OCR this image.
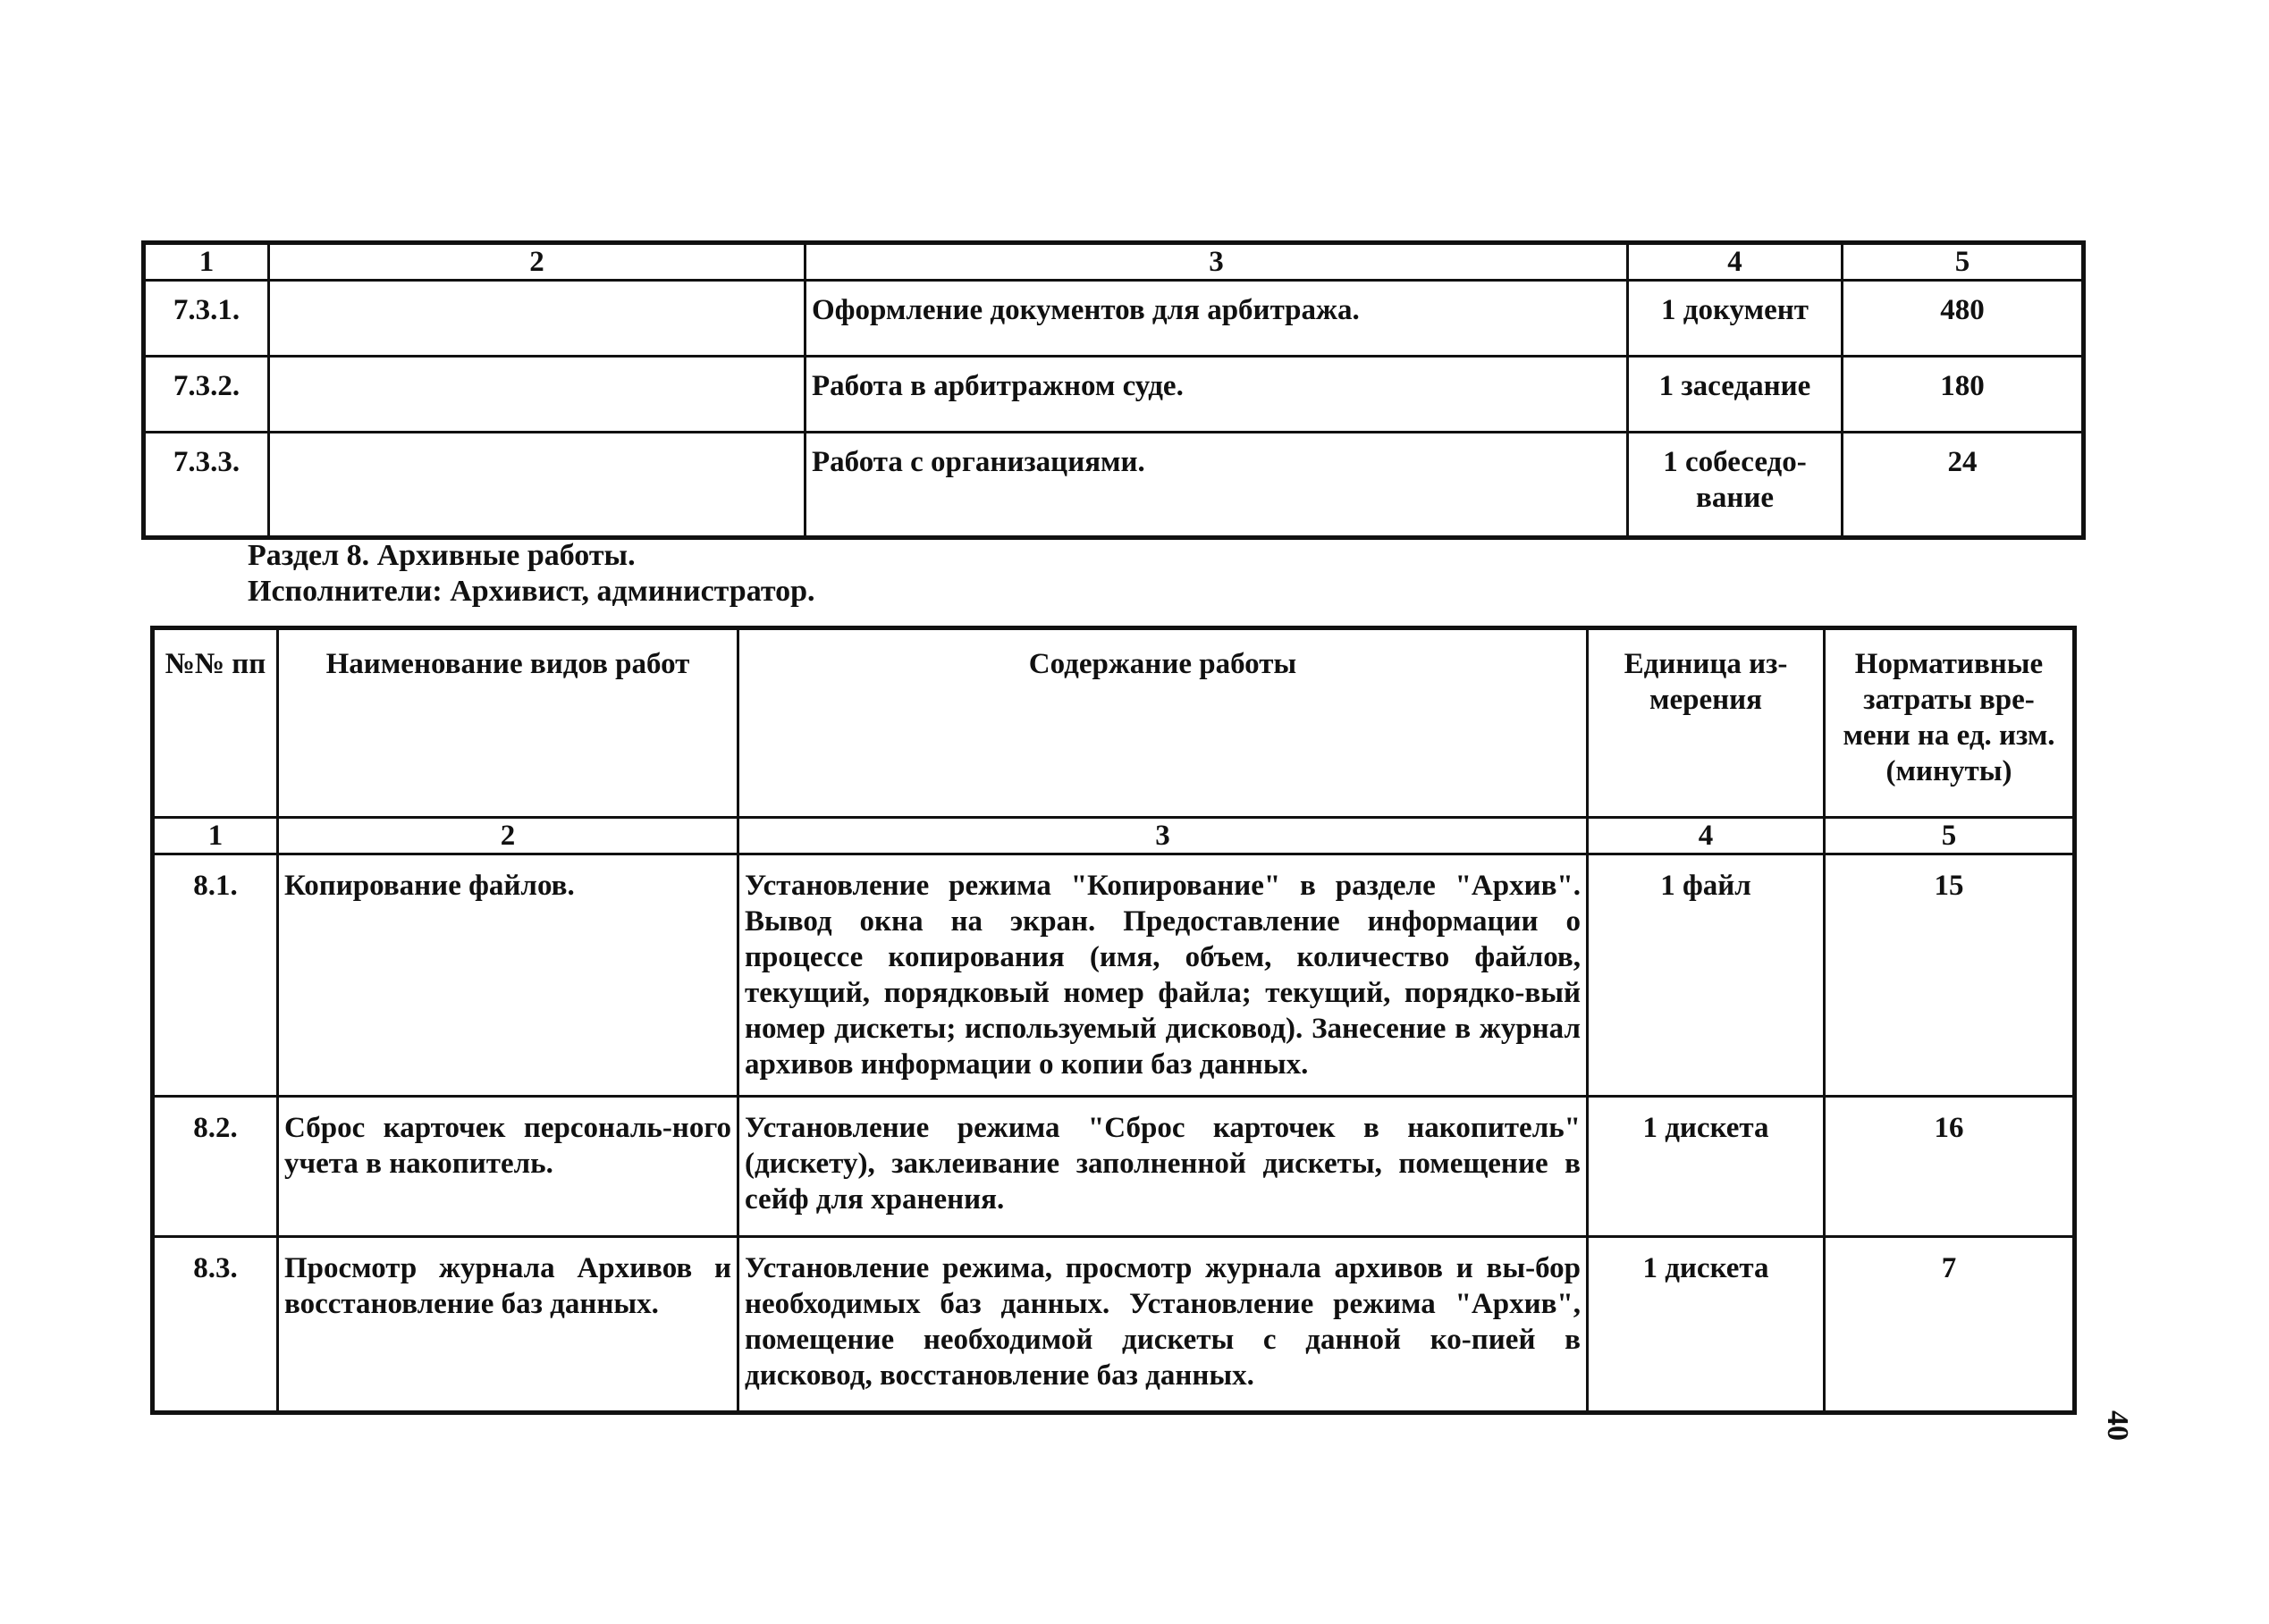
1	2	3	4	5
7.3.1.		Оформление документов для арбитража.	1 документ	480
7.3.2.		Работа в арбитражном суде.	1 заседание	180
7.3.3.		Работа с организациями.	1 собеседо-вание	24
Раздел 8. Архивные работы.
Исполнители: Архивист, администратор.
№№ пп	Наименование видов работ	Содержание работы	Единица из-мерения	Нормативные затраты вре-мени на ед. изм. (минуты)
1	2	3	4	5
8.1.	Копирование файлов.	Установление режима "Копирование" в разделе "Архив". Вывод окна на экран. Предоставление информации о процессе копирования (имя, объем, количество файлов, текущий, порядковый номер файла; текущий, порядко-вый номер дискеты; используемый дисковод). Занесение в журнал архивов информации о копии баз данных.	1 файл	15
8.2.	Сброс карточек персональ-ного учета в накопитель.	Установление режима "Сброс карточек в накопитель" (дискету), заклеивание заполненной дискеты, помещение в сейф для хранения.	1 дискета	16
8.3.	Просмотр журнала Архивов и восстановление баз данных.	Установление режима, просмотр журнала архивов и вы-бор необходимых баз данных. Установление режима "Архив", помещение необходимой дискеты с данной ко-пией в дисковод, восстановление баз данных.	1 дискета	7
40
